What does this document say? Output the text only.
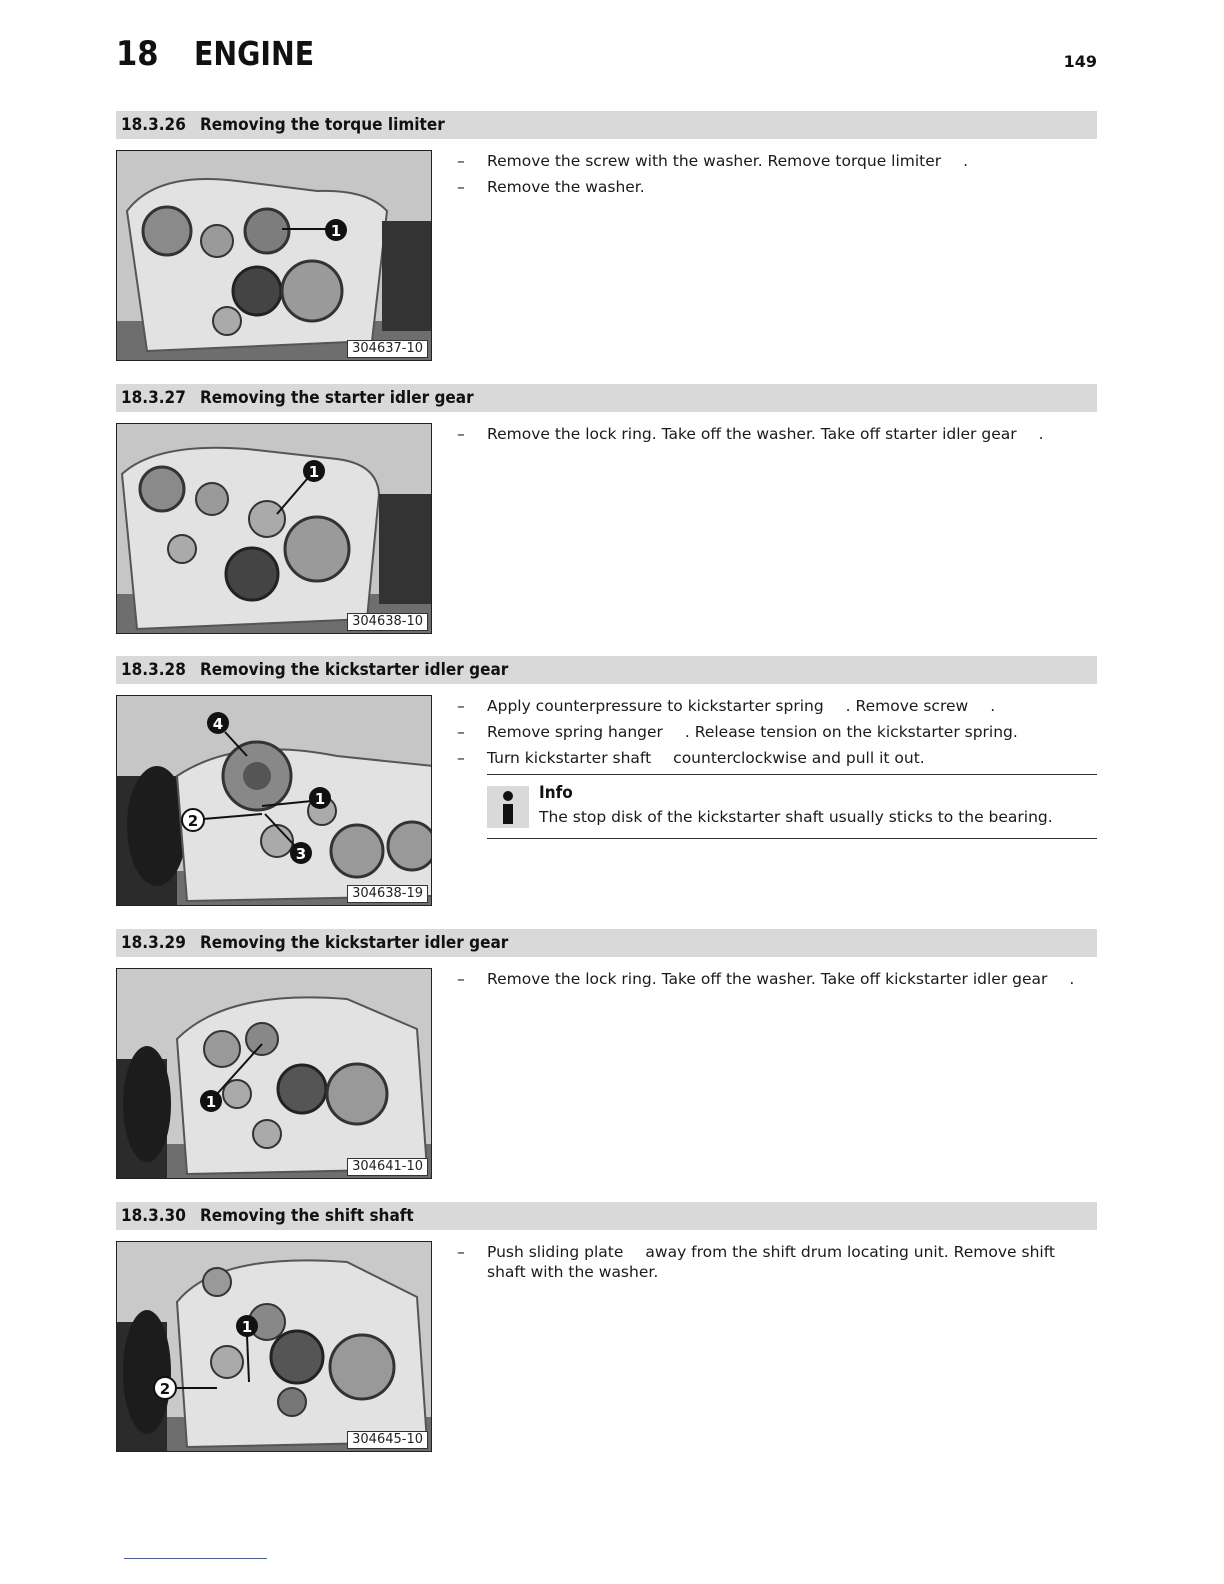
18 ENGINE	149
18.3.26 Removing the torque limiter
1
304637-10
– Remove the screw with the washer. Remove torque limiter .
– Remove the washer.
18.3.27 Removing the starter idler gear
1
304638-10
– Remove the lock ring. Take off the washer. Take off starter idler gear .
18.3.28 Removing the kickstarter idler gear
4
1
2
3
304638-19
– Apply counterpressure to kickstarter spring . Remove screw .
– Remove spring hanger . Release tension on the kickstarter spring.
– Turn kickstarter shaft counterclockwise and pull it out.
Info
The stop disk of the kickstarter shaft usually sticks to the bearing.
18.3.29 Removing the kickstarter idler gear
1
304641-10
– Remove the lock ring. Take off the washer. Take off kickstarter idler gear .
18.3.30 Removing the shift shaft
1
2
304645-10
– Push sliding plate away from the shift drum locating unit. Remove shift shaft with the washer.
